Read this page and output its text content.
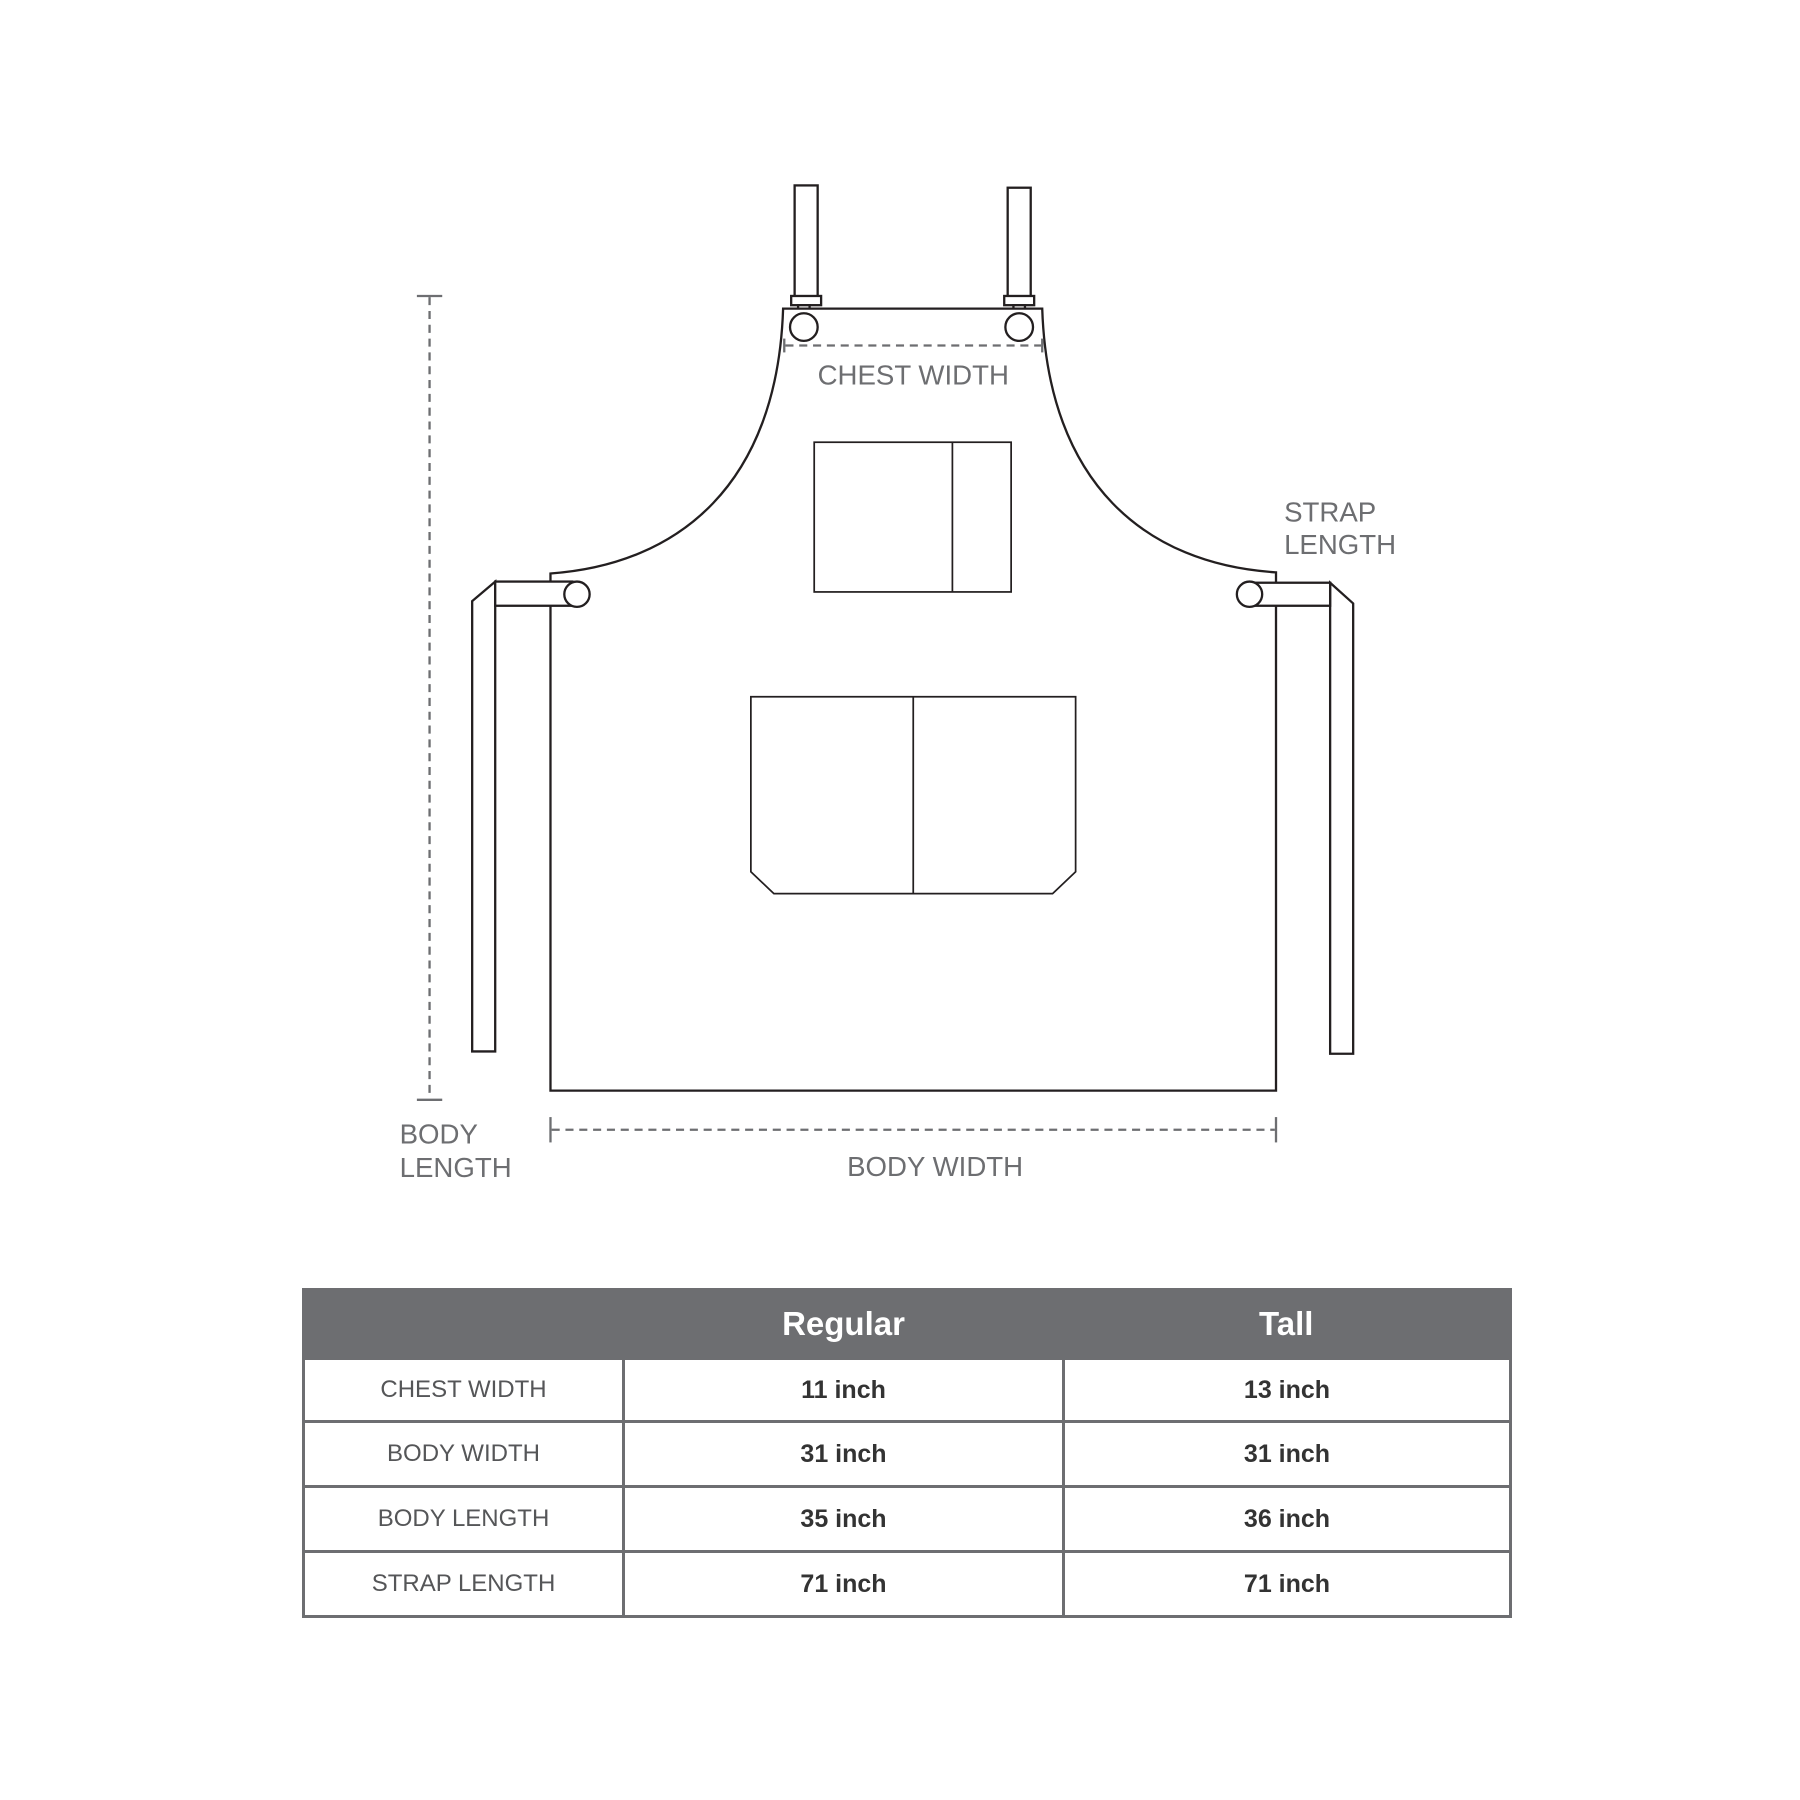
CHEST WIDTH
STRAP
LENGTH
BODY
LENGTH	BODY WIDTH
	Regular	Tall
CHEST WIDTH	11 inch	13 inch
BODY WIDTH	31 inch	31 inch
BODY LENGTH	35 inch	36 inch
STRAP LENGTH	71 inch	71 inch
